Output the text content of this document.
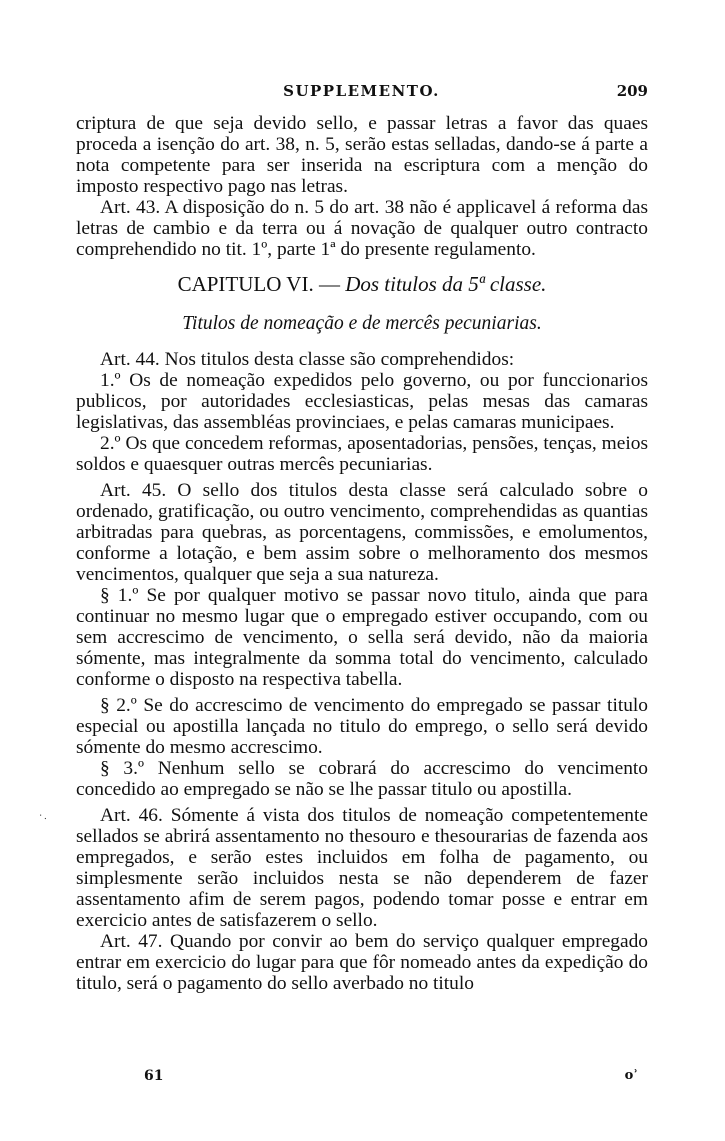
SUPPLEMENTO.	209

criptura de que seja devido sello, e passar letras a favor das quaes proceda a isenção do art. 38, n. 5, serão estas selladas, dando-se á parte a nota competente para ser inserida na escriptura com a menção do imposto respectivo pago nas letras.

Art. 43. A disposição do n. 5 do art. 38 não é applicavel á reforma das letras de cambio e da terra ou á novação de qualquer outro contracto comprehendido no tit. 1º, parte 1ª do presente regulamento.

CAPITULO VI. — Dos titulos da 5ª classe.

Titulos de nomeação e de mercês pecuniarias.

Art. 44. Nos titulos desta classe são comprehendidos:

1.º Os de nomeação expedidos pelo governo, ou por funccionarios publicos, por autoridades ecclesiasticas, pelas mesas das camaras legislativas, das assembléas provinciaes, e pelas camaras municipaes.

2.º Os que concedem reformas, aposentadorias, pensões, tenças, meios soldos e quaesquer outras mercês pecuniarias.

Art. 45. O sello dos titulos desta classe será calculado sobre o ordenado, gratificação, ou outro vencimento, comprehendidas as quantias arbitradas para quebras, as porcentagens, commissões, e emolumentos, conforme a lotação, e bem assim sobre o melhoramento dos mesmos vencimentos, qualquer que seja a sua natureza.

§ 1.º Se por qualquer motivo se passar novo titulo, ainda que para continuar no mesmo lugar que o empregado estiver occupando, com ou sem accrescimo de vencimento, o sella será devido, não da maioria sómente, mas integralmente da somma total do vencimento, calculado conforme o disposto na respectiva tabella.

§ 2.º Se do accrescimo de vencimento do empregado se passar titulo especial ou apostilla lançada no titulo do emprego, o sello será devido sómente do mesmo accrescimo.

§ 3.º Nenhum sello se cobrará do accrescimo do vencimento concedido ao empregado se não se lhe passar titulo ou apostilla.

Art. 46. Sómente á vista dos titulos de nomeação competentemente sellados se abrirá assentamento no thesouro e thesourarias de fazenda aos empregados, e serão estes incluidos em folha de pagamento, ou simplesmente serão incluidos nesta se não dependerem de fazer assentamento afim de serem pagos, podendo tomar posse e entrar em exercicio antes de satisfazerem o sello.

Art. 47. Quando por convir ao bem do serviço qualquer empregado entrar em exercicio do lugar para que fôr nomeado antes da expedição do titulo, será o pagamento do sello averbado no titulo

· ·
61	oʾ
